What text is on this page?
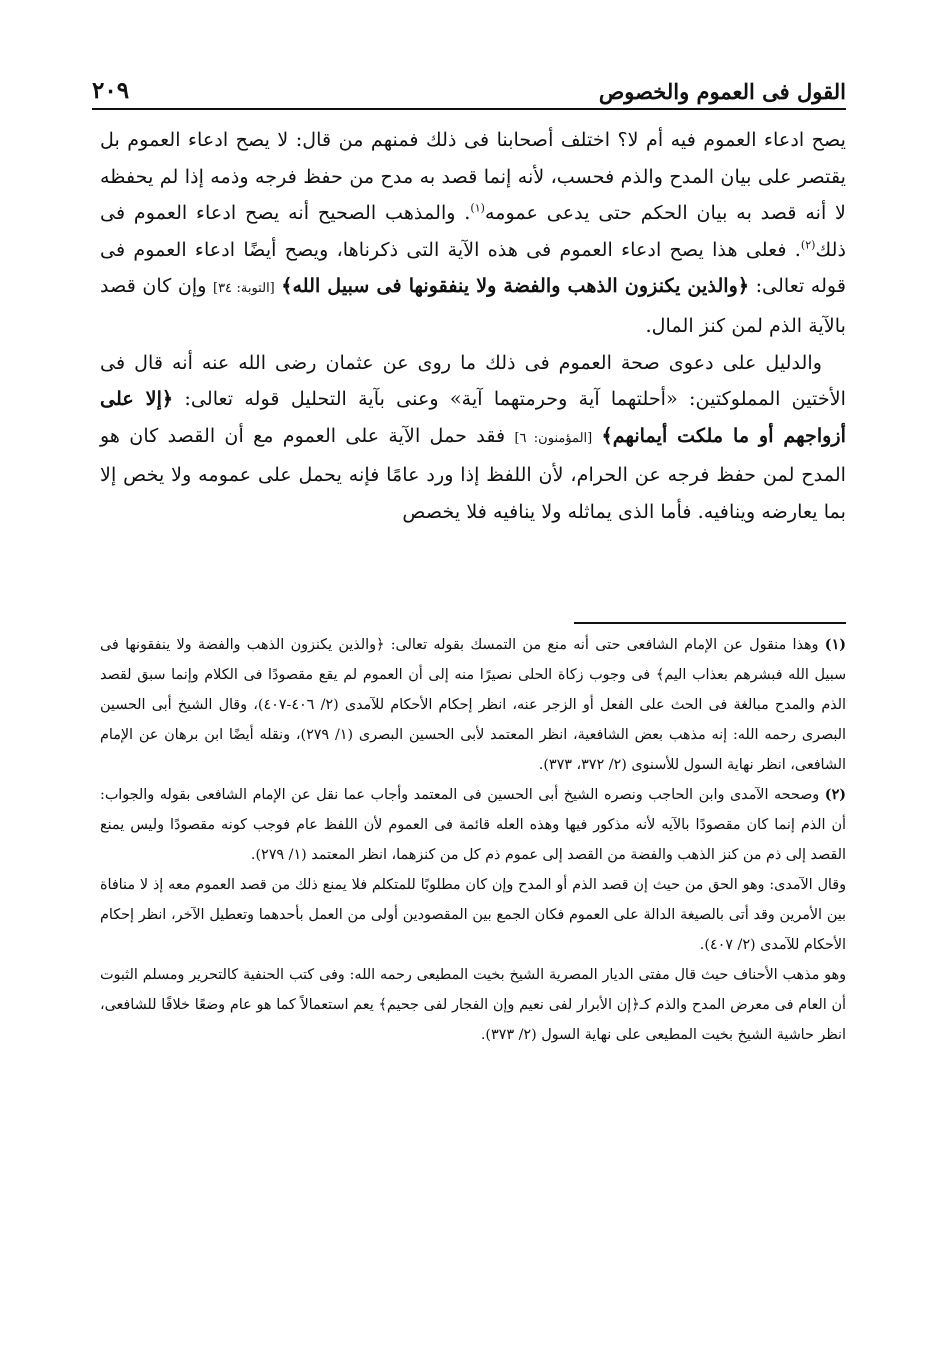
القول فى العموم والخصوص
٢٠٩

يصح ادعاء العموم فيه أم لا؟ اختلف أصحابنا فى ذلك فمنهم من قال: لا يصح ادعاء العموم بل يقتصر على بيان المدح والذم فحسب، لأنه إنما قصد به مدح من حفظ فرجه وذمه إذا لم يحفظه لا أنه قصد به بيان الحكم حتى يدعى عمومه$^{(١)}$. والمذهب الصحيح أنه يصح ادعاء العموم فى ذلك$^{(٢)}$. فعلى هذا يصح ادعاء العموم فى هذه الآية التى ذكرناها، ويصح أيضًا ادعاء العموم فى قوله تعالى: ﴿والذين يكنزون الذهب والفضة ولا ينفقونها فى سبيل الله﴾ [التوبة: ٣٤] وإن كان قصد بالآية الذم لمن كنز المال.

والدليل على دعوى صحة العموم فى ذلك ما روى عن عثمان رضى الله عنه أنه قال فى الأختين المملوكتين: «أحلتهما آية وحرمتهما آية» وعنى بآية التحليل قوله تعالى: ﴿إلا على أزواجهم أو ما ملكت أيمانهم﴾ [المؤمنون: ٦] فقد حمل الآية على العموم مع أن القصد كان هو المدح لمن حفظ فرجه عن الحرام، لأن اللفظ إذا ورد عامًا فإنه يحمل على عمومه ولا يخص إلا بما يعارضه وينافيه. فأما الذى يماثله ولا ينافيه فلا يخصص

(١) وهذا منقول عن الإمام الشافعى حتى أنه منع من التمسك بقوله تعالى: ﴿والذين يكنزون الذهب والفضة ولا ينفقونها فى سبيل الله فبشرهم بعذاب اليم﴾ فى وجوب زكاة الحلى نصيرًا منه إلى أن العموم لم يقع مقصودًا فى الكلام وإنما سبق لقصد الذم والمدح مبالغة فى الحث على الفعل أو الزجر عنه، انظر إحكام الأحكام للآمدى (٢/ ٤٠٦-٤٠٧)، وقال الشيخ أبى الحسين البصرى رحمه الله: إنه مذهب بعض الشافعية، انظر المعتمد لأبى الحسين البصرى (١/ ٢٧٩)، ونقله أيضًا ابن برهان عن الإمام الشافعى، انظر نهاية السول للأسنوى (٢/ ٣٧٢، ٣٧٣).

(٢) وصححه الآمدى وابن الحاجب ونصره الشيخ أبى الحسين فى المعتمد وأجاب عما نقل عن الإمام الشافعى بقوله والجواب: أن الذم إنما كان مقصودًا بالآيه لأنه مذكور فيها وهذه العله قائمة فى العموم لأن اللفظ عام فوجب كونه مقصودًا وليس يمنع القصد إلى ذم من كنز الذهب والفضة من القصد إلى عموم ذم كل من كنزهما، انظر المعتمد (١/ ٢٧٩).

وقال الآمدى: وهو الحق من حيث إن قصد الذم أو المدح وإن كان مطلوبًا للمتكلم فلا يمنع ذلك من قصد العموم معه إذ لا منافاة بين الأمرين وقد أتى بالصيغة الدالة على العموم فكان الجمع بين المقصودين أولى من العمل بأحدهما وتعطيل الآخر، انظر إحكام الأحكام للآمدى (٢/ ٤٠٧).

وهو مذهب الأحناف حيث قال مفتى الديار المصرية الشيخ بخيت المطيعى رحمه الله: وفى كتب الحنفية كالتحرير ومسلم الثبوت أن العام فى معرض المدح والذم كـ﴿إن الأبرار لفى نعيم وإن الفجار لفى جحيم﴾ يعم استعمالاً كما هو عام وضعًا خلافًا للشافعى، انظر حاشية الشيخ بخيت المطيعى على نهاية السول (٢/ ٣٧٣).
